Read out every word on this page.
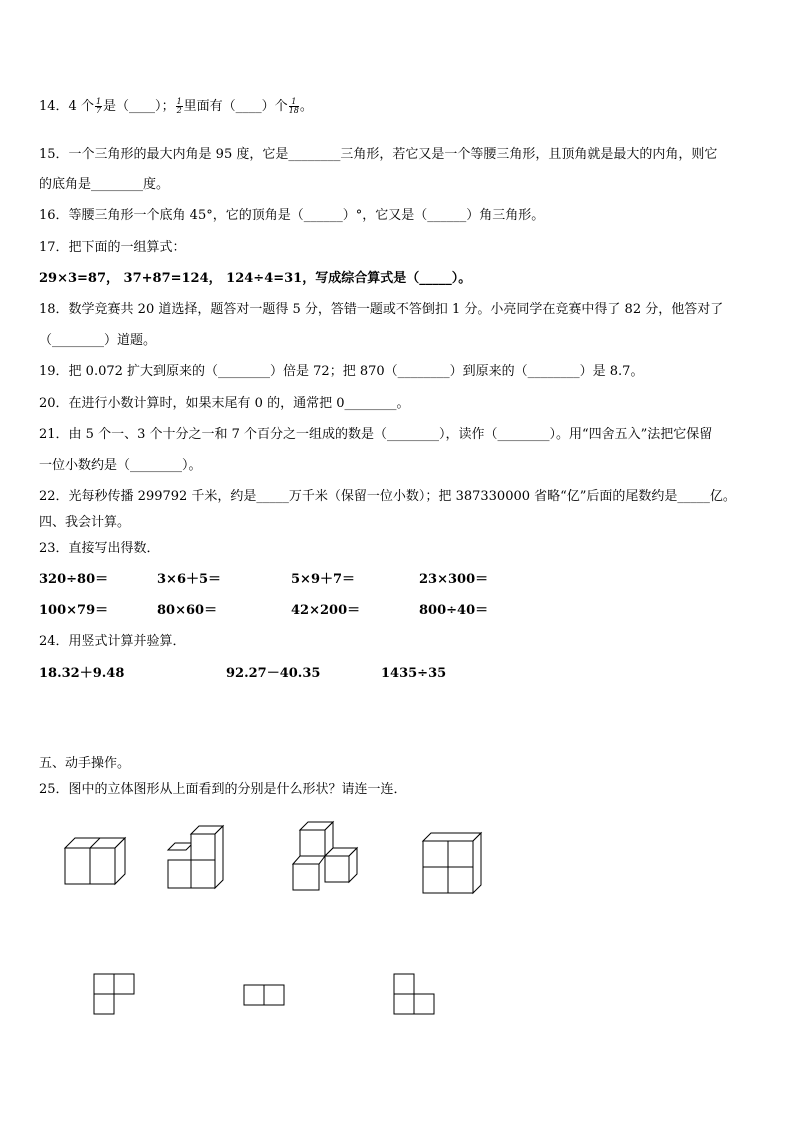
14．4 个 $\frac{1}{7}$ 是（____）； $\frac{1}{2}$ 里面有（____）个 $\frac{1}{18}$ 。
15．一个三角形的最大内角是 95 度，它是________三角形，若它又是一个等腰三角形，且顶角就是最大的内角，则它
的底角是________度。
16．等腰三角形一个底角 45°，它的顶角是（______）°，它又是（______）角三角形。
17．把下面的一组算式：
29×3=87， 37+87=124， 124÷4=31，写成综合算式是（_____）。
18．数学竞赛共 20 道选择，题答对一题得 5 分，答错一题或不答倒扣 1 分。小亮同学在竞赛中得了 82 分，他答对了
（________）道题。
19．把 0.072 扩大到原来的（________）倍是 72；把 870（________）到原来的（________）是 8.7。
20．在进行小数计算时，如果末尾有 0 的，通常把 0________。
21．由 5 个一、3 个十分之一和 7 个百分之一组成的数是（________），读作（________）。用“四舍五入”法把它保留
一位小数约是（________）。
22．光每秒传播 299792 千米，约是_____万千米（保留一位小数）；把 387330000 省略“亿”后面的尾数约是_____亿。
四、我会计算。
23．直接写出得数．
320÷80＝	3×6＋5＝	5×9＋7＝	23×300＝
100×79＝	80×60＝	42×200＝	800÷40＝
24．用竖式计算并验算．
18.32＋9.48	92.27－40.35	1435÷35
五、动手操作。
25．图中的立体图形从上面看到的分别是什么形状？请连一连．
